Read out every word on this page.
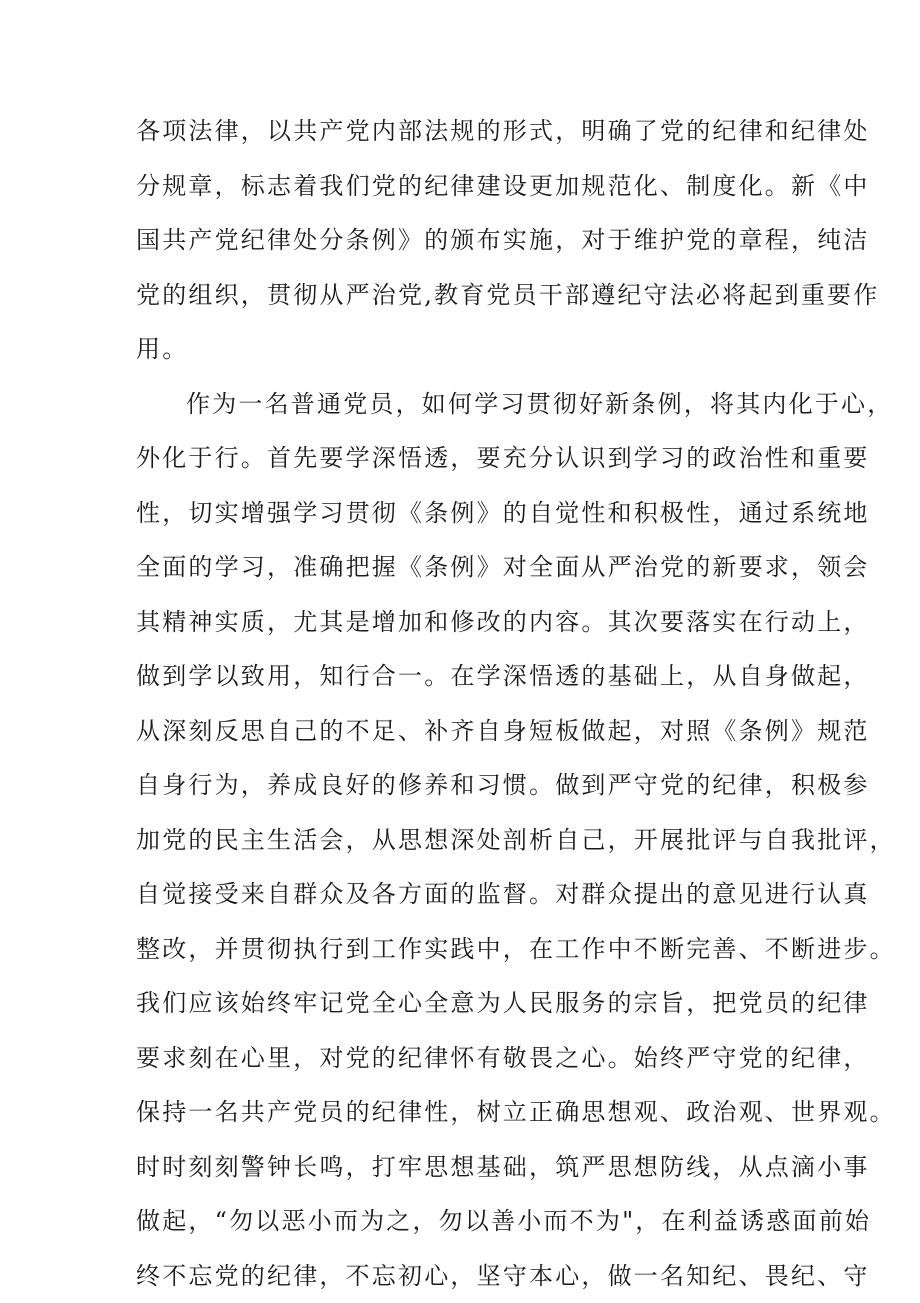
各项法律，以共产党内部法规的形式，明确了党的纪律和纪律处
分规章，标志着我们党的纪律建设更加规范化、制度化。新《中
国共产党纪律处分条例》的颁布实施，对于维护党的章程，纯洁
党的组织，贯彻从严治党,教育党员干部遵纪守法必将起到重要作
用。
作为一名普通党员，如何学习贯彻好新条例，将其内化于心，
外化于行。首先要学深悟透，要充分认识到学习的政治性和重要
性，切实增强学习贯彻《条例》的自觉性和积极性，通过系统地
全面的学习，准确把握《条例》对全面从严治党的新要求，领会
其精神实质，尤其是增加和修改的内容。其次要落实在行动上，
做到学以致用，知行合一。在学深悟透的基础上，从自身做起，
从深刻反思自己的不足、补齐自身短板做起，对照《条例》规范
自身行为，养成良好的修养和习惯。做到严守党的纪律，积极参
加党的民主生活会，从思想深处剖析自己，开展批评与自我批评，
自觉接受来自群众及各方面的监督。对群众提出的意见进行认真
整改，并贯彻执行到工作实践中，在工作中不断完善、不断进步。
我们应该始终牢记党全心全意为人民服务的宗旨，把党员的纪律
要求刻在心里，对党的纪律怀有敬畏之心。始终严守党的纪律，
保持一名共产党员的纪律性，树立正确思想观、政治观、世界观。
时时刻刻警钟长鸣，打牢思想基础，筑严思想防线，从点滴小事
做起，“勿以恶小而为之，勿以善小而不为"，在利益诱惑面前始
终不忘党的纪律，不忘初心，坚守本心，做一名知纪、畏纪、守
